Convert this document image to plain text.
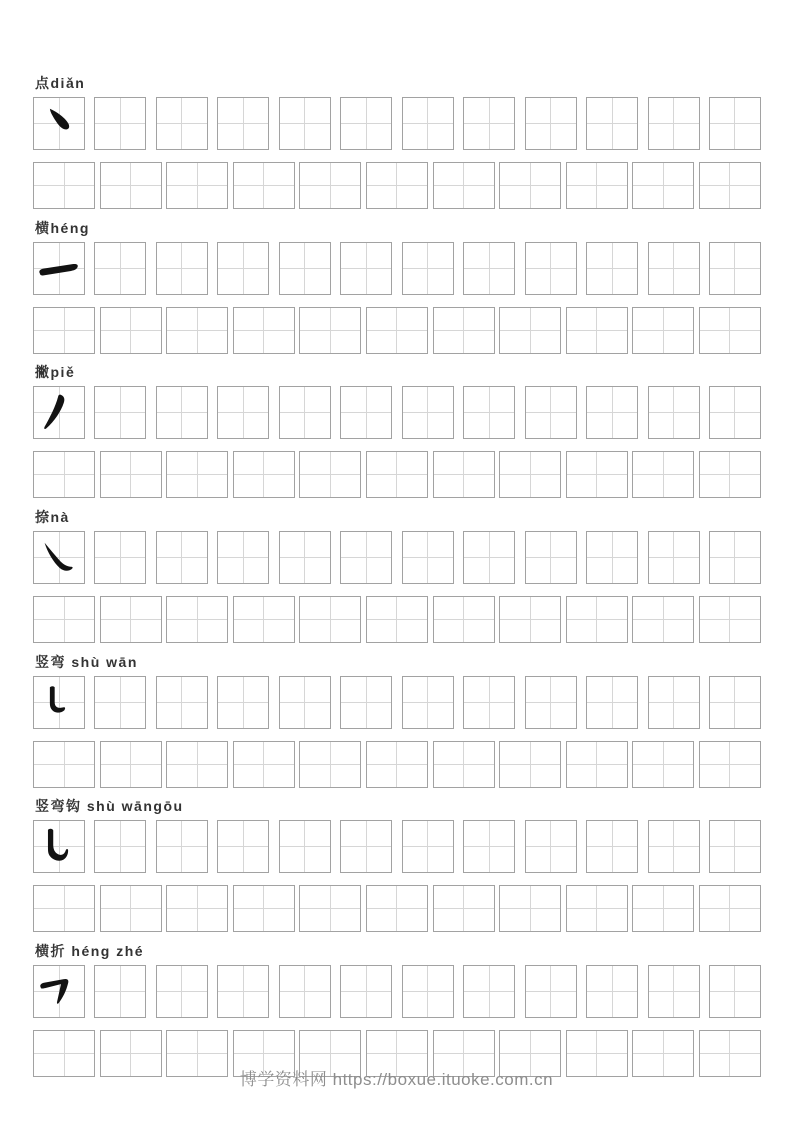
点diǎn
横héng
撇piě
捺nà
竖弯 shù wān
竖弯钩 shù wāngōu
横折 héng zhé
博学资料网 https://boxue.ituoke.com.cn
